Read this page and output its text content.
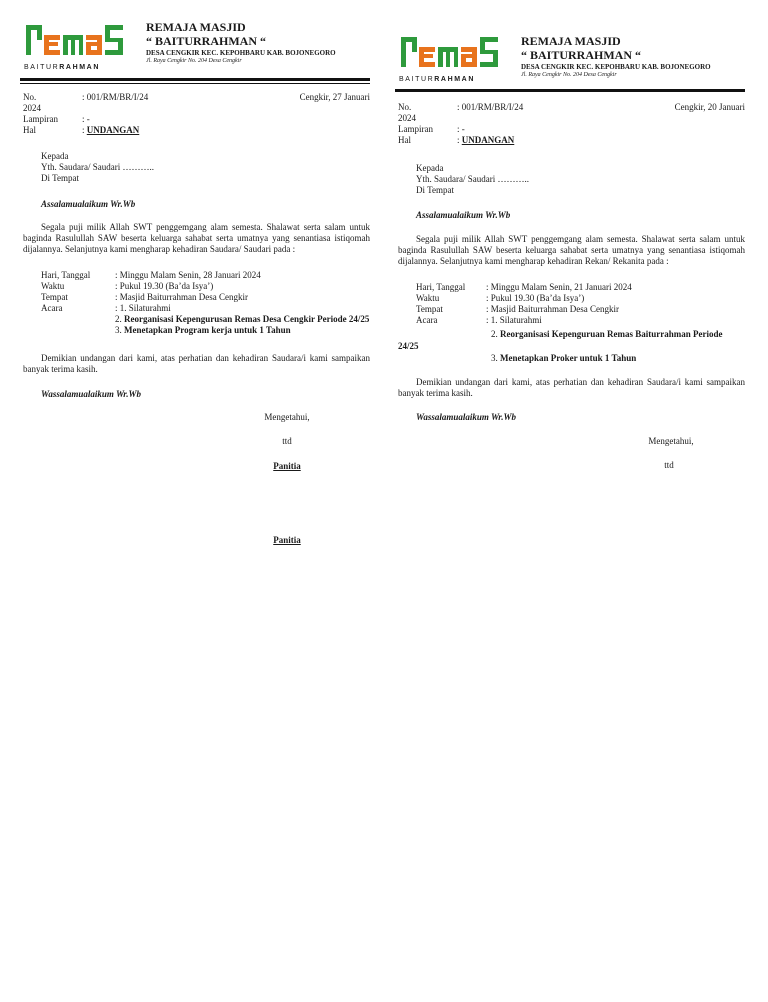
BAITURRAHMAN
REMAJA MASJID
“ BAITURRAHMAN “
DESA CENGKIR KEC. KEPOHBARU KAB. BOJONEGORO
Jl. Raya Cengkir No. 204 Desa Cengkir
No.	: 001/RM/BR/I/24	Cengkir, 27 Januari
2024
Lampiran	: -
Hal	: UNDANGAN
Kepada
Yth. Saudara/ Saudari ………..
Di Tempat
Assalamualaikum Wr.Wb
Segala puji milik Allah SWT penggemgang alam semesta. Shalawat serta salam untuk baginda Rasulullah SAW beserta keluarga sahabat serta umatnya yang senantiasa istiqomah dijalannya. Selanjutnya kami mengharap kehadiran Saudara/ Saudari pada :
Hari, Tanggal	: Minggu Malam Senin, 28 Januari 2024
Waktu	: Pukul 19.30 (Ba’da Isya’)
Tempat	: Masjid Baiturrahman Desa Cengkir
Acara	: 1. Silaturahmi
2. Reorganisasi Kepengurusan Remas Desa Cengkir Periode 24/25
3. Menetapkan Program kerja untuk 1 Tahun
Demikian undangan dari kami, atas perhatian dan kehadiran Saudara/i kami sampaikan banyak terima kasih.
Wassalamualaikum Wr.Wb
Mengetahui,
ttd
Panitia
Panitia
BAITURRAHMAN
REMAJA MASJID
“ BAITURRAHMAN “
DESA CENGKIR KEC. KEPOHBARU KAB. BOJONEGORO
Jl. Raya Cengkir No. 204 Desa Cengkir
No.	: 001/RM/BR/I/24	Cengkir, 20 Januari
2024
Lampiran	: -
Hal	: UNDANGAN
Kepada
Yth. Saudara/ Saudari ………..
Di Tempat
Assalamualaikum Wr.Wb
Segala puji milik Allah SWT penggemgang alam semesta. Shalawat serta salam untuk baginda Rasulullah SAW beserta keluarga sahabat serta umatnya yang senantiasa istiqomah dijalannya. Selanjutnya kami mengharap kehadiran Rekan/ Rekanita pada :
Hari, Tanggal : Minggu Malam Senin, 21 Januari 2024
Waktu	: Pukul 19.30 (Ba’da Isya’)
Tempat	: Masjid Baiturrahman Desa Cengkir
Acara	: 1. Silaturahmi
2. Reorganisasi Kepenguruan Remas Baiturrahman Periode
24/25
3. Menetapkan Proker untuk 1 Tahun
Demikian undangan dari kami, atas perhatian dan kehadiran Saudara/i kami sampaikan banyak terima kasih.
Wassalamualaikum Wr.Wb
Mengetahui,
ttd
